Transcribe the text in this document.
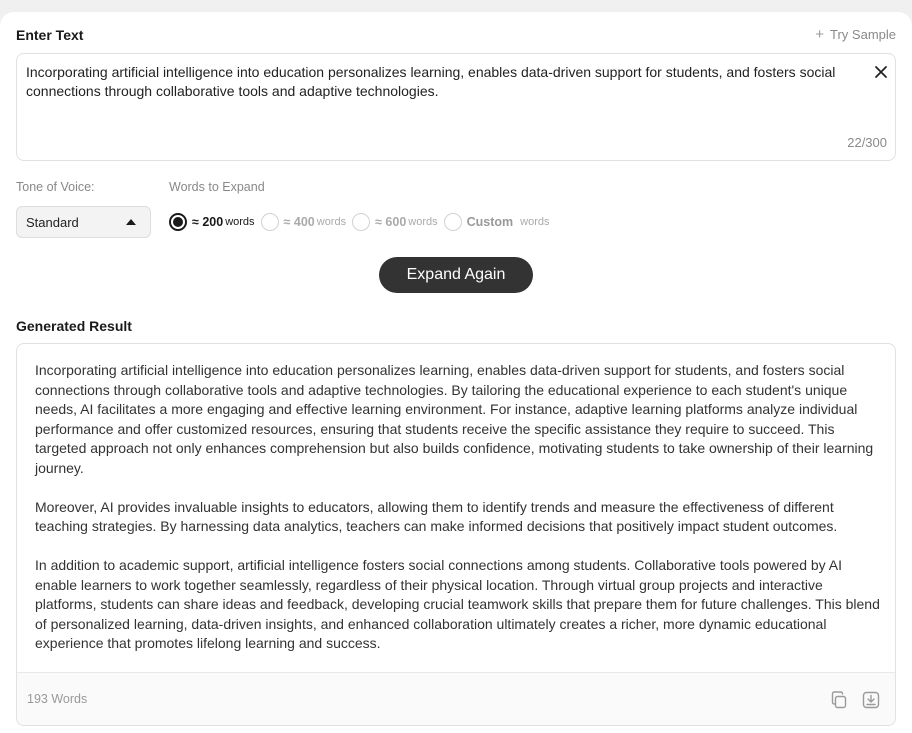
Enter Text	+ Try Sample
Incorporating artificial intelligence into education personalizes learning, enables data-driven support for students, and fosters social connections through collaborative tools and adaptive technologies.
22/300
Tone of Voice:	Words to Expand
Standard	≈ 200 words ≈ 400 words ≈ 600 words Custom words
Expand Again
Generated Result

Incorporating artificial intelligence into education personalizes learning, enables data-driven support for students, and fosters social connections through collaborative tools and adaptive technologies. By tailoring the educational experience to each student's unique needs, AI facilitates a more engaging and effective learning environment. For instance, adaptive learning platforms analyze individual performance and offer customized resources, ensuring that students receive the specific assistance they require to succeed. This targeted approach not only enhances comprehension but also builds confidence, motivating students to take ownership of their learning journey.

Moreover, AI provides invaluable insights to educators, allowing them to identify trends and measure the effectiveness of different teaching strategies. By harnessing data analytics, teachers can make informed decisions that positively impact student outcomes.

In addition to academic support, artificial intelligence fosters social connections among students. Collaborative tools powered by AI enable learners to work together seamlessly, regardless of their physical location. Through virtual group projects and interactive platforms, students can share ideas and feedback, developing crucial teamwork skills that prepare them for future challenges. This blend of personalized learning, data-driven insights, and enhanced collaboration ultimately creates a richer, more dynamic educational experience that promotes lifelong learning and success.

193 Words
